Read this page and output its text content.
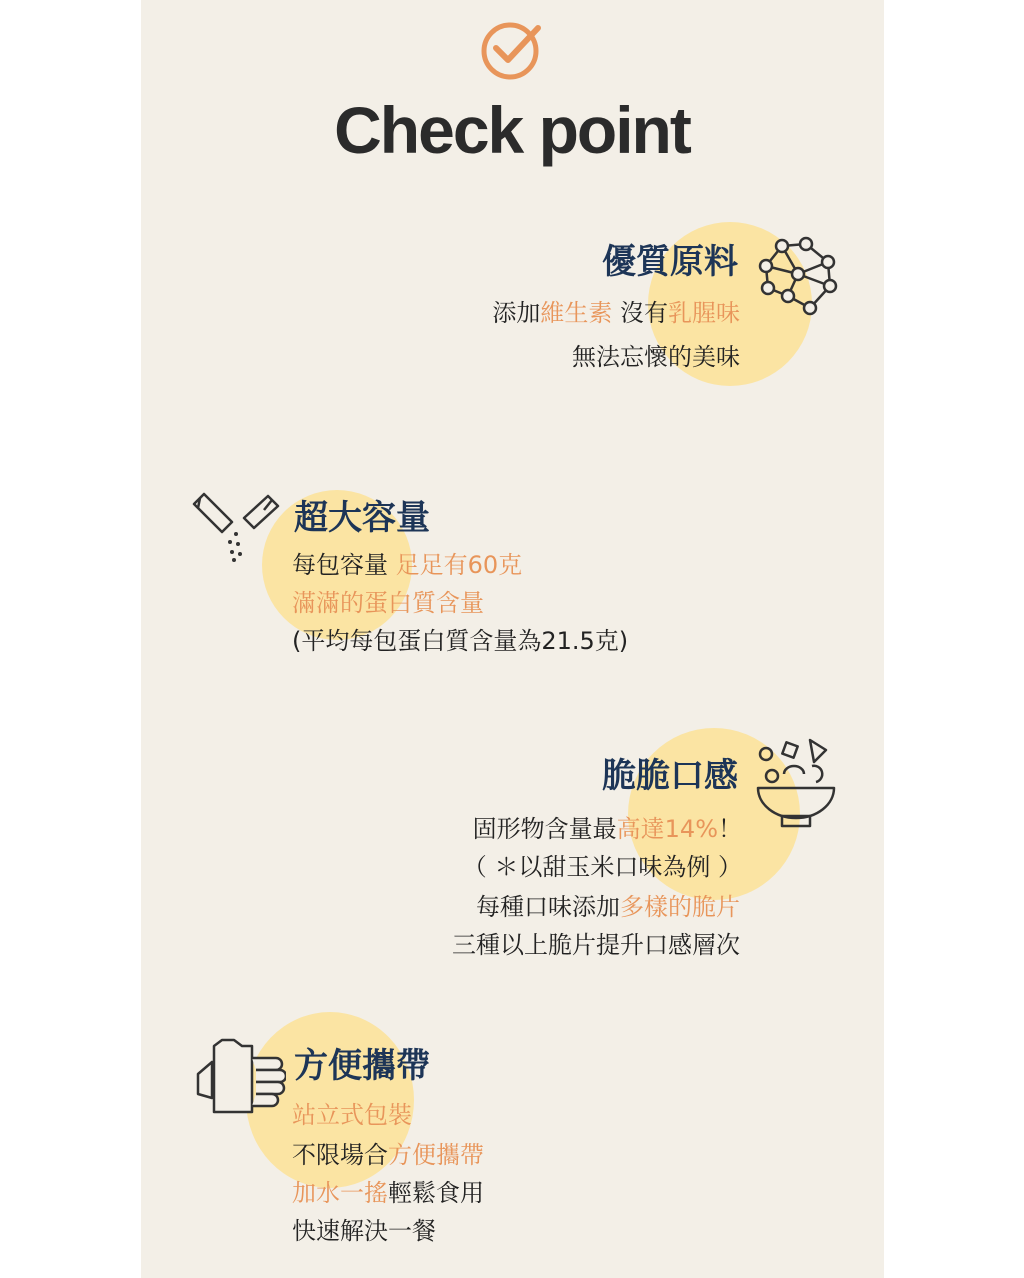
Check point
優質原料
添加維生素 沒有乳腥味
無法忘懷的美味
超大容量
每包容量 足足有60克
滿滿的蛋白質含量
(平均每包蛋白質含量為21.5克)
脆脆口感
固形物含量最高達14%！
（ ＊以甜玉米口味為例 ）
每種口味添加多樣的脆片
三種以上脆片提升口感層次
方便攜帶
站立式包裝
不限場合方便攜帶
加水一搖輕鬆食用
快速解決一餐
